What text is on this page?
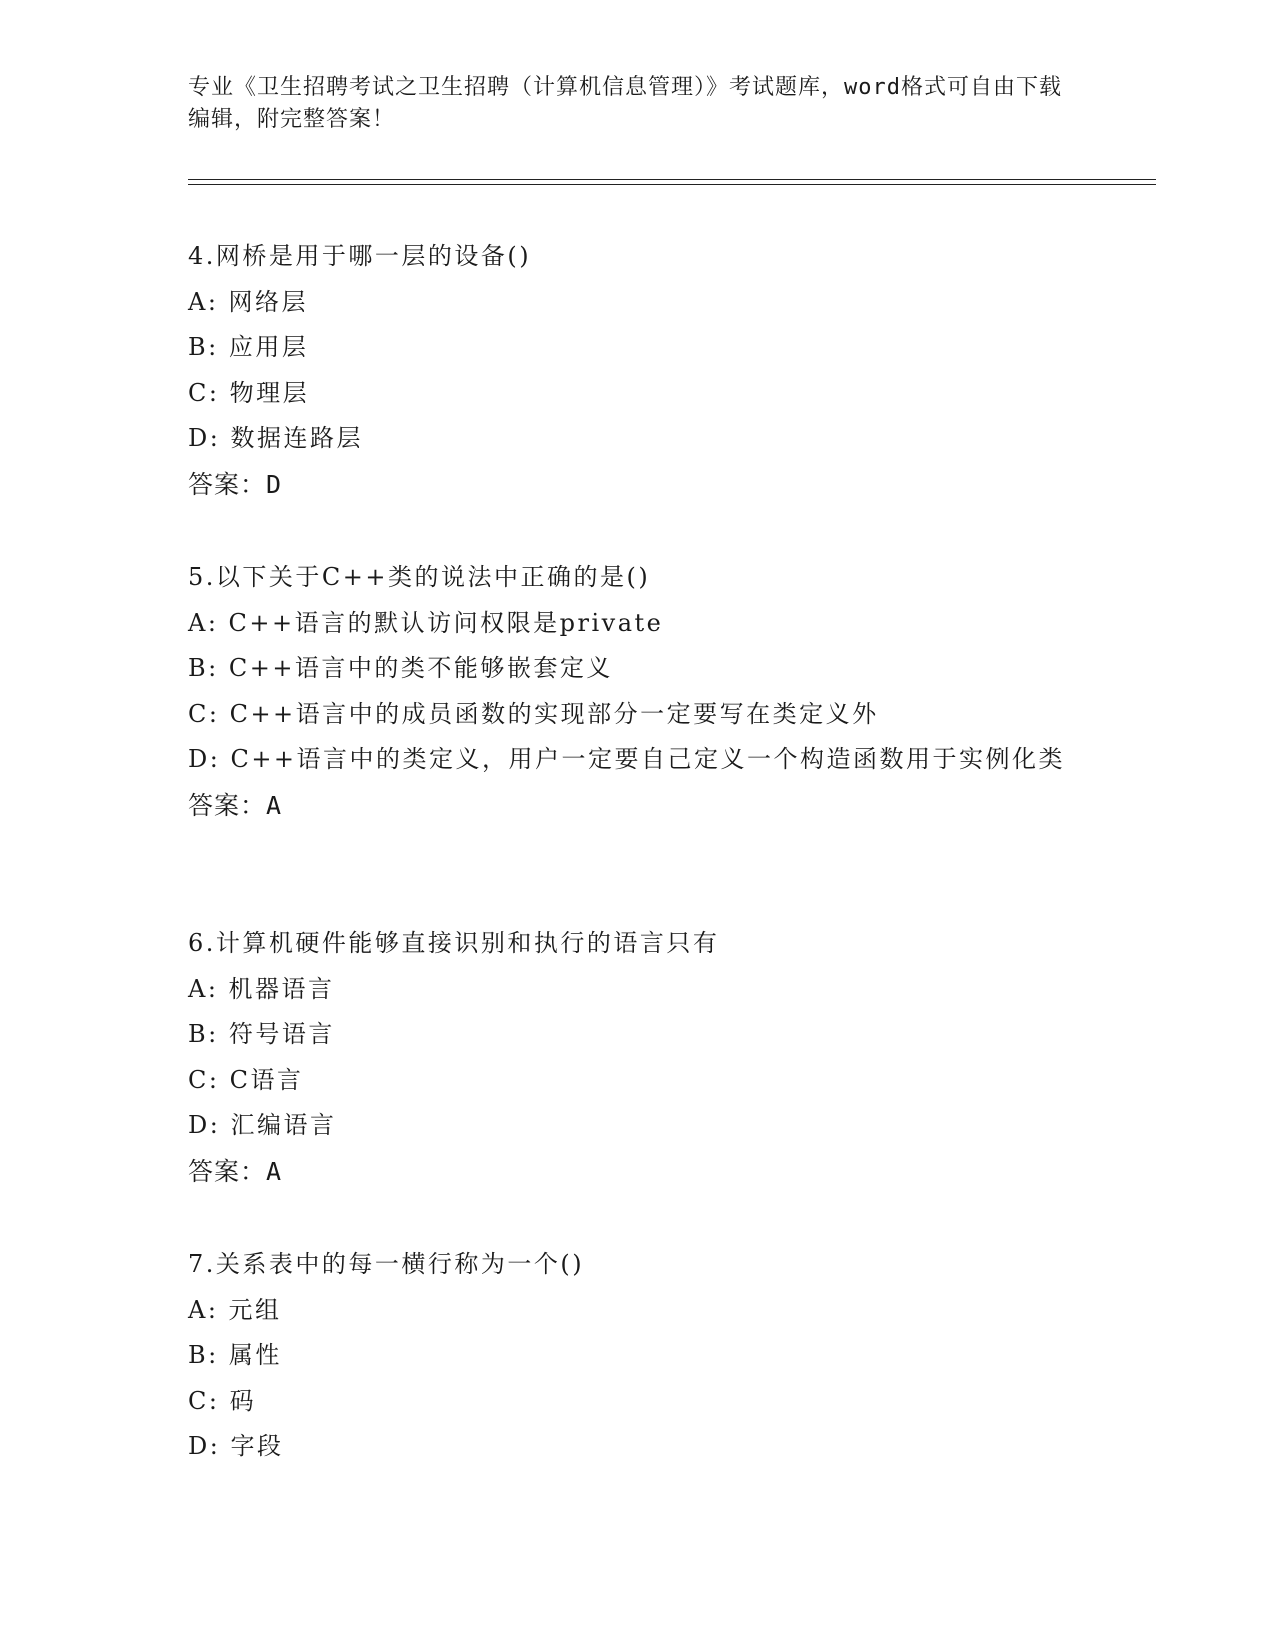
专业《卫生招聘考试之卫生招聘（计算机信息管理）》考试题库，word格式可自由下载编辑，附完整答案！
4.网桥是用于哪一层的设备()
A: 网络层
B: 应用层
C: 物理层
D: 数据连路层
答案：D
5.以下关于C++类的说法中正确的是()
A: C++语言的默认访问权限是private
B: C++语言中的类不能够嵌套定义
C: C++语言中的成员函数的实现部分一定要写在类定义外
D: C++语言中的类定义，用户一定要自己定义一个构造函数用于实例化类
答案：A
6.计算机硬件能够直接识别和执行的语言只有
A: 机器语言
B: 符号语言
C: C语言
D: 汇编语言
答案：A
7.关系表中的每一横行称为一个()
A: 元组
B: 属性
C: 码
D: 字段
